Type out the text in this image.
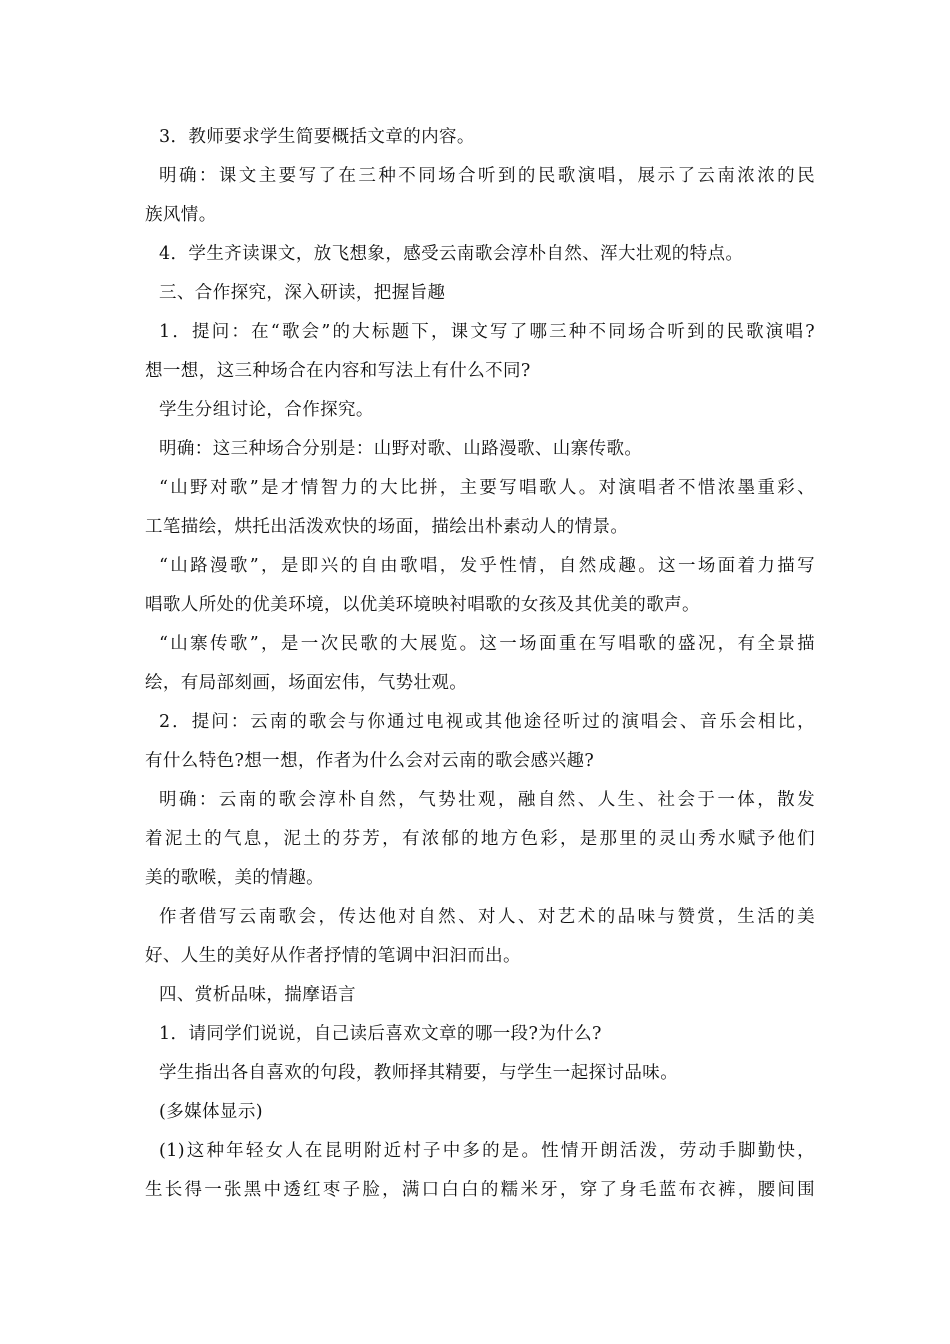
3．教师要求学生简要概括文章的内容。
明确：课文主要写了在三种不同场合听到的民歌演唱，展示了云南浓浓的民
族风情。
4．学生齐读课文，放飞想象，感受云南歌会淳朴自然、浑大壮观的特点。
三、合作探究，深入研读，把握旨趣
1．提问：在“歌会”的大标题下，课文写了哪三种不同场合听到的民歌演唱?
想一想，这三种场合在内容和写法上有什么不同?
学生分组讨论，合作探究。
明确：这三种场合分别是：山野对歌、山路漫歌、山寨传歌。
“山野对歌”是才情智力的大比拼，主要写唱歌人。对演唱者不惜浓墨重彩、
工笔描绘，烘托出活泼欢快的场面，描绘出朴素动人的情景。
“山路漫歌”，是即兴的自由歌唱，发乎性情，自然成趣。这一场面着力描写
唱歌人所处的优美环境，以优美环境映衬唱歌的女孩及其优美的歌声。
“山寨传歌”，是一次民歌的大展览。这一场面重在写唱歌的盛况，有全景描
绘，有局部刻画，场面宏伟，气势壮观。
2．提问：云南的歌会与你通过电视或其他途径听过的演唱会、音乐会相比，
有什么特色?想一想，作者为什么会对云南的歌会感兴趣?
明确：云南的歌会淳朴自然，气势壮观，融自然、人生、社会于一体，散发
着泥土的气息，泥土的芬芳，有浓郁的地方色彩，是那里的灵山秀水赋予他们
美的歌喉，美的情趣。
作者借写云南歌会，传达他对自然、对人、对艺术的品味与赞赏，生活的美
好、人生的美好从作者抒情的笔调中汩汩而出。
四、赏析品味，揣摩语言
1．请同学们说说，自己读后喜欢文章的哪一段?为什么?
学生指出各自喜欢的句段，教师择其精要，与学生一起探讨品味。
(多媒体显示)
(1)这种年轻女人在昆明附近村子中多的是。性情开朗活泼，劳动手脚勤快，
生长得一张黑中透红枣子脸，满口白白的糯米牙，穿了身毛蓝布衣裤，腰间围
